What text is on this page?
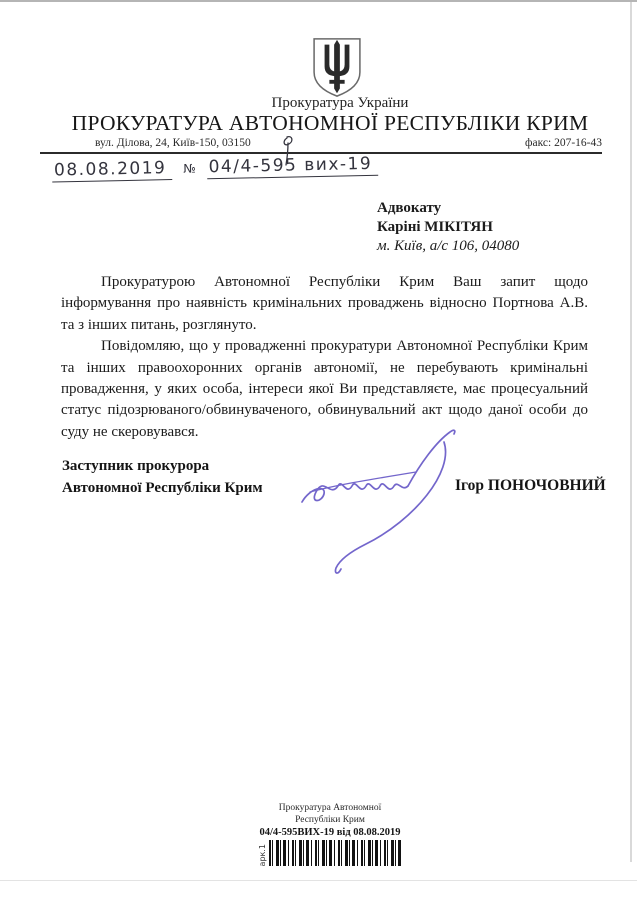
Прокуратура України
ПРОКУРАТУРА АВТОНОМНОЇ РЕСПУБЛІКИ КРИМ
вул. Ділова, 24, Київ-150, 03150	факс: 207-16-43
08.08.2019 № 04/4-595 вих-19
Адвокату
Каріні МІКІТЯН
м. Київ, а/с 106, 04080

Прокуратурою Автономної Республіки Крим Ваш запит щодо інформування про наявність кримінальних проваджень відносно Портнова А.В. та з інших питань, розглянуто.

Повідомляю, що у провадженні прокуратури Автономної Республіки Крим та інших правоохоронних органів автономії, не перебувають кримінальні провадження, у яких особа, інтереси якої Ви представляєте, має процесуальний статус підозрюваного/обвинуваченого, обвинувальний акт щодо даної особи до суду не скеровувався.

Заступник прокурора
Автономної Республіки Крим	Ігор ПОНОЧОВНИЙ
Прокуратура Автономної
Республіки Крим
04/4-595ВИХ-19 від 08.08.2019
арк.1
